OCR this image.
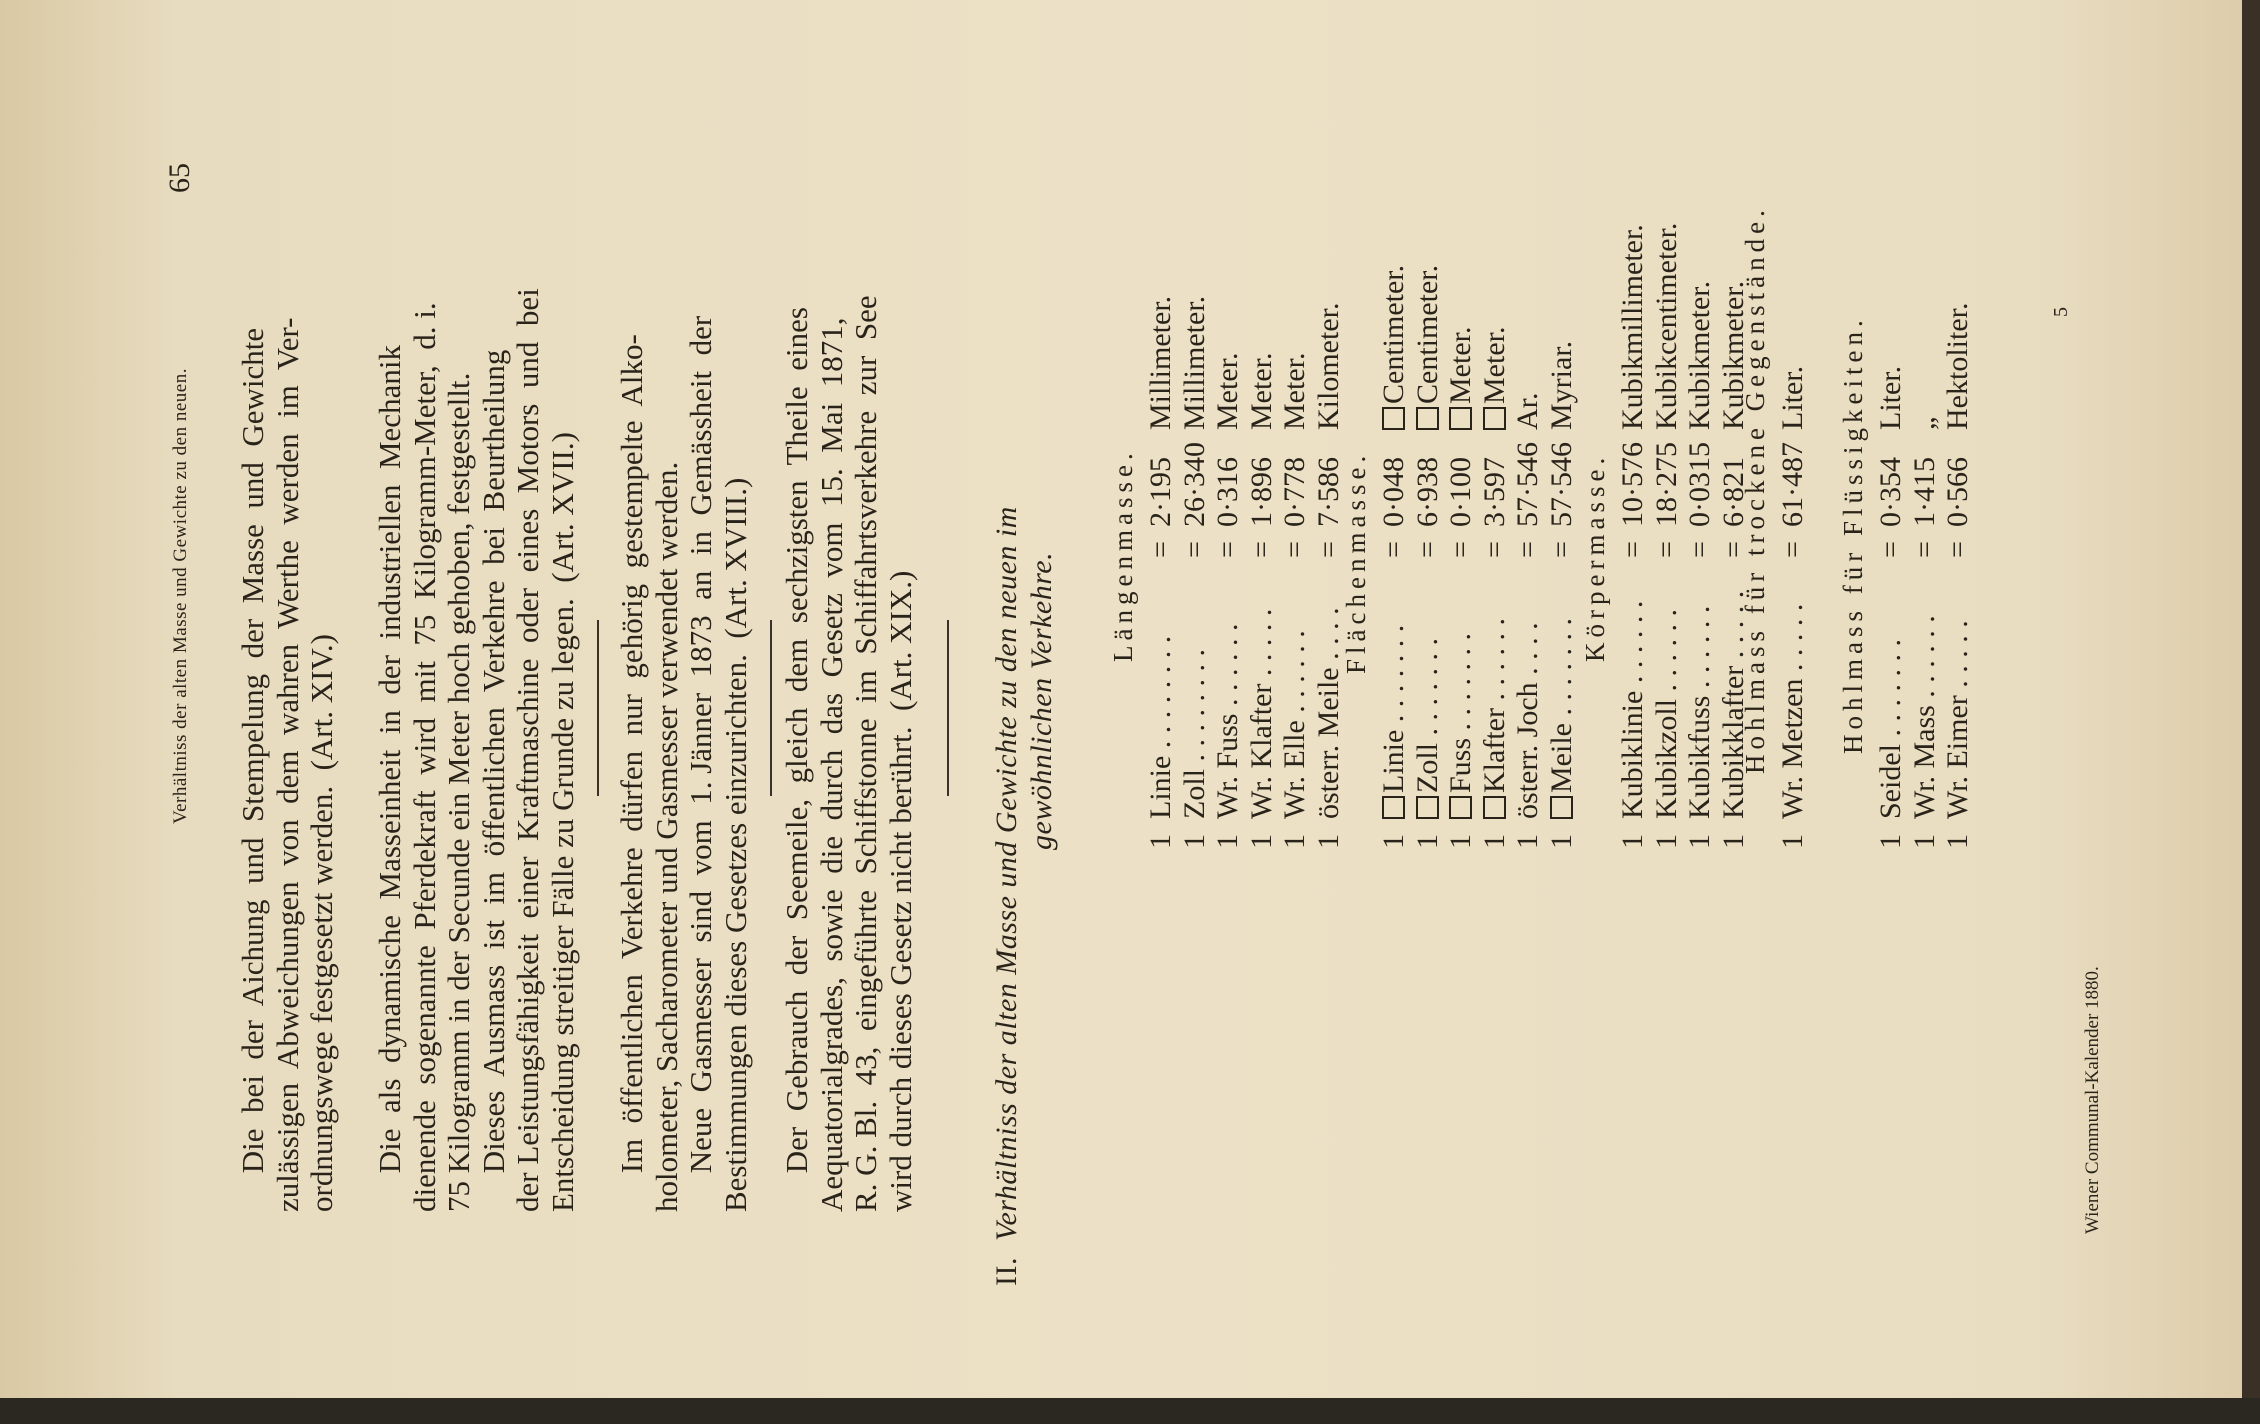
Verhältniss der alten Masse und Gewichte zu den neuen.
65
Die  bei  der  Aichung  und  Stempelung  der  Masse  und  Gewichte
zulässigen  Abweichungen  von  dem  wahren  Werthe  werden  im  Ver-
ordnungswege festgesetzt werden.  (Art. XIV.)
Die  als  dynamische  Masseinheit  in  der  industriellen  Mechanik
dienende  sogenannte  Pferdekraft  wird  mit  75  Kilogramm-Meter,  d. i.
75 Kilogramm in der Secunde ein Meter hoch gehoben, festgestellt.
Dieses  Ausmass  ist  im  öffentlichen  Verkehre  bei  Beurtheilung
der Leistungsfähigkeit  einer  Kraftmaschine  oder  eines  Motors  und  bei
Entscheidung streitiger Fälle zu Grunde zu legen.  (Art. XVII.)
Im  öffentlichen  Verkehre  dürfen  nur  gehörig  gestempelte  Alko-
holometer, Sacharometer und Gasmesser verwendet werden.
Neue  Gasmesser  sind  vom  1. Jänner  1873  an  in  Gemässheit  der
Bestimmungen dieses Gesetzes einzurichten.  (Art. XVIII.)
Der  Gebrauch  der  Seemeile,  gleich  dem  sechzigsten  Theile  eines
Aequatorialgrades,  sowie  die  durch  das  Gesetz  vom  15.  Mai  1871,
R. G. Bl.  43,  eingeführte  Schiffstonne  im  Schiffahrtsverkehre  zur  See
wird durch dieses Gesetz nicht berührt.  (Art. XIX.)
II.  Verhältniss der alten Masse und Gewichte zu den neuen im gewöhnlichen Verkehre. Längenmasse.
1
Linie . . . . . . . .
=
2·195
Millimeter.
1
Zoll . . . . . . . .
=
26·340
Millimeter.
1
Wr. Fuss . . . . . .
=
0·316
Meter.
1
Wr. Klafter . . . . .
=
1·896
Meter.
1
Wr. Elle . . . . . .
=
0·778
Meter.
1
österr. Meile . . . .
=
7·586
Kilometer.
Flächenmasse.
1
Linie . . . . . . .
=
0·048
Centimeter.
1
Zoll . . . . . . .
=
6·938
Centimeter.
1
Fuss . . . . . . .
=
0·100
Meter.
1
Klafter . . . . . .
=
3·597
Meter.
1
österr. Joch . . . .
=
57·546
Ar.
1
Meile . . . . . . .
=
57·546
Myriar.
Körpermasse.
1
Kubiklinie . . . . . .
=
10·576
Kubikmillimeter.
1
Kubikzoll . . . . . .
=
18·275
Kubikcentimeter.
1
Kubikfuss . . . . . .
=
0·0315
Kubikmeter.
1
Kubikklafter . . . . .
=
6·821
Kubikmeter.
Hohlmass für trockene Gegenstände.
1
Wr. Metzen . . . . .
=
61·487
Liter. Hohlmass für Flüssigkeiten.
1
Seidel . . . . . . .
=
0·354
Liter.
1
Wr. Mass . . . . . .
=
1·415
„
1
Wr. Eimer . . . . .
=
0·566
Hektoliter.
Wiener Communal-Kalender 1880.
5
